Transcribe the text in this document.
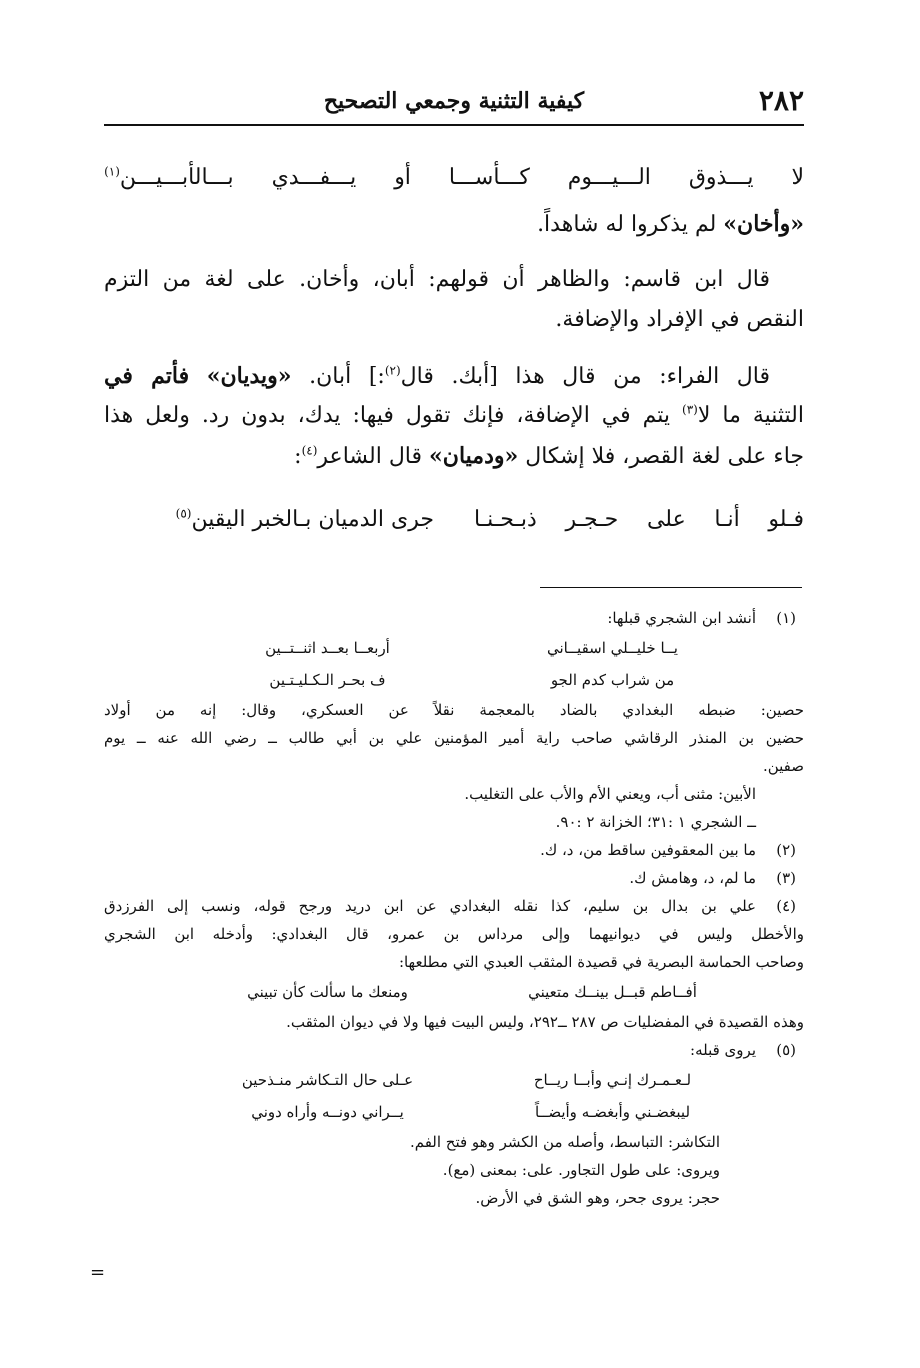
كيفية التثنية وجمعي التصحيح	٢٨٢
لا
يـــذوق
الـــيـــوم
كـــأســـا
أو
يـــفـــدي
بـــالأبـــيـــن$^{(١)}$
«وأخان» لم يذكروا له شاهداً.
قال ابن قاسم: والظاهر أن قولهم: أبان، وأخان. على لغة من التزم
النقص في الإفراد والإضافة.
قال الفراء: من قال هذا [أبك. قال$^{(٢)}$:] أبان. «ويديان» فأتم في
التثنية ما لا$^{(٣)}$ يتم في الإضافة، فإنك تقول فيها: يدك، بدون رد. ولعل هذا
جاء على لغة القصر، فلا إشكال «ودميان» قال الشاعر$^{(٤)}$:
فـلو أنـا على حـجـر ذبـحـنـا
جرى الدميان بـالخبر اليقين$^{(٥)}$
(١)
أنشد ابن الشجري قبلها:
يــا خليــلي اسقيــاني
أربعــا بعــد اثنــتــين
من شراب كدم الجو
ف بحـر الـكـليـتـين
حصين: ضبطه البغدادي بالضاد بالمعجمة نقلاً عن العسكري، وقال: إنه من أولاد
حضين بن المنذر الرقاشي صاحب راية أمير المؤمنين علي بن أبي طالب ــ رضي الله عنه ــ يوم
صفين.
الأبين: مثنى أب، ويعني الأم والأب على التغليب.
ــ الشجري ١ :٣١؛ الخزانة ٢ :٩٠.
(٢)
ما بين المعقوفين ساقط من، د، ك.
(٣)
ما لم، د، وهامش ك.
(٤)
علي بن بدال بن سليم، كذا نقله البغدادي عن ابن دريد ورجح قوله، ونسب إلى الفرزدق
والأخطل وليس في ديوانيهما وإلى مرداس بن عمرو، قال البغدادي: وأدخله ابن الشجري
وصاحب الحماسة البصرية في قصيدة المثقب العبدي التي مطلعها:
أفــاطم قبــل بينــك متعيني
ومنعك ما سألت كأن تبيني
وهذه القصيدة في المفضليات ص ٢٨٧ ــ٢٩٢، وليس البيت فيها ولا في ديوان المثقب.
(٥)
يروى قبله:
لـعـمـرك إنـي وأبــا ريــاح
عـلى حال التـكاشر منـذحين
ليبغضـني وأبغضـه وأيضــاً
يــراني دونــه وأراه دوني
التكاشر: التباسط، وأصله من الكشر وهو فتح الفم.
ويروى: على طول التجاور. على: بمعنى (مع).
حجر: يروى جحر، وهو الشق في الأرض.
=
